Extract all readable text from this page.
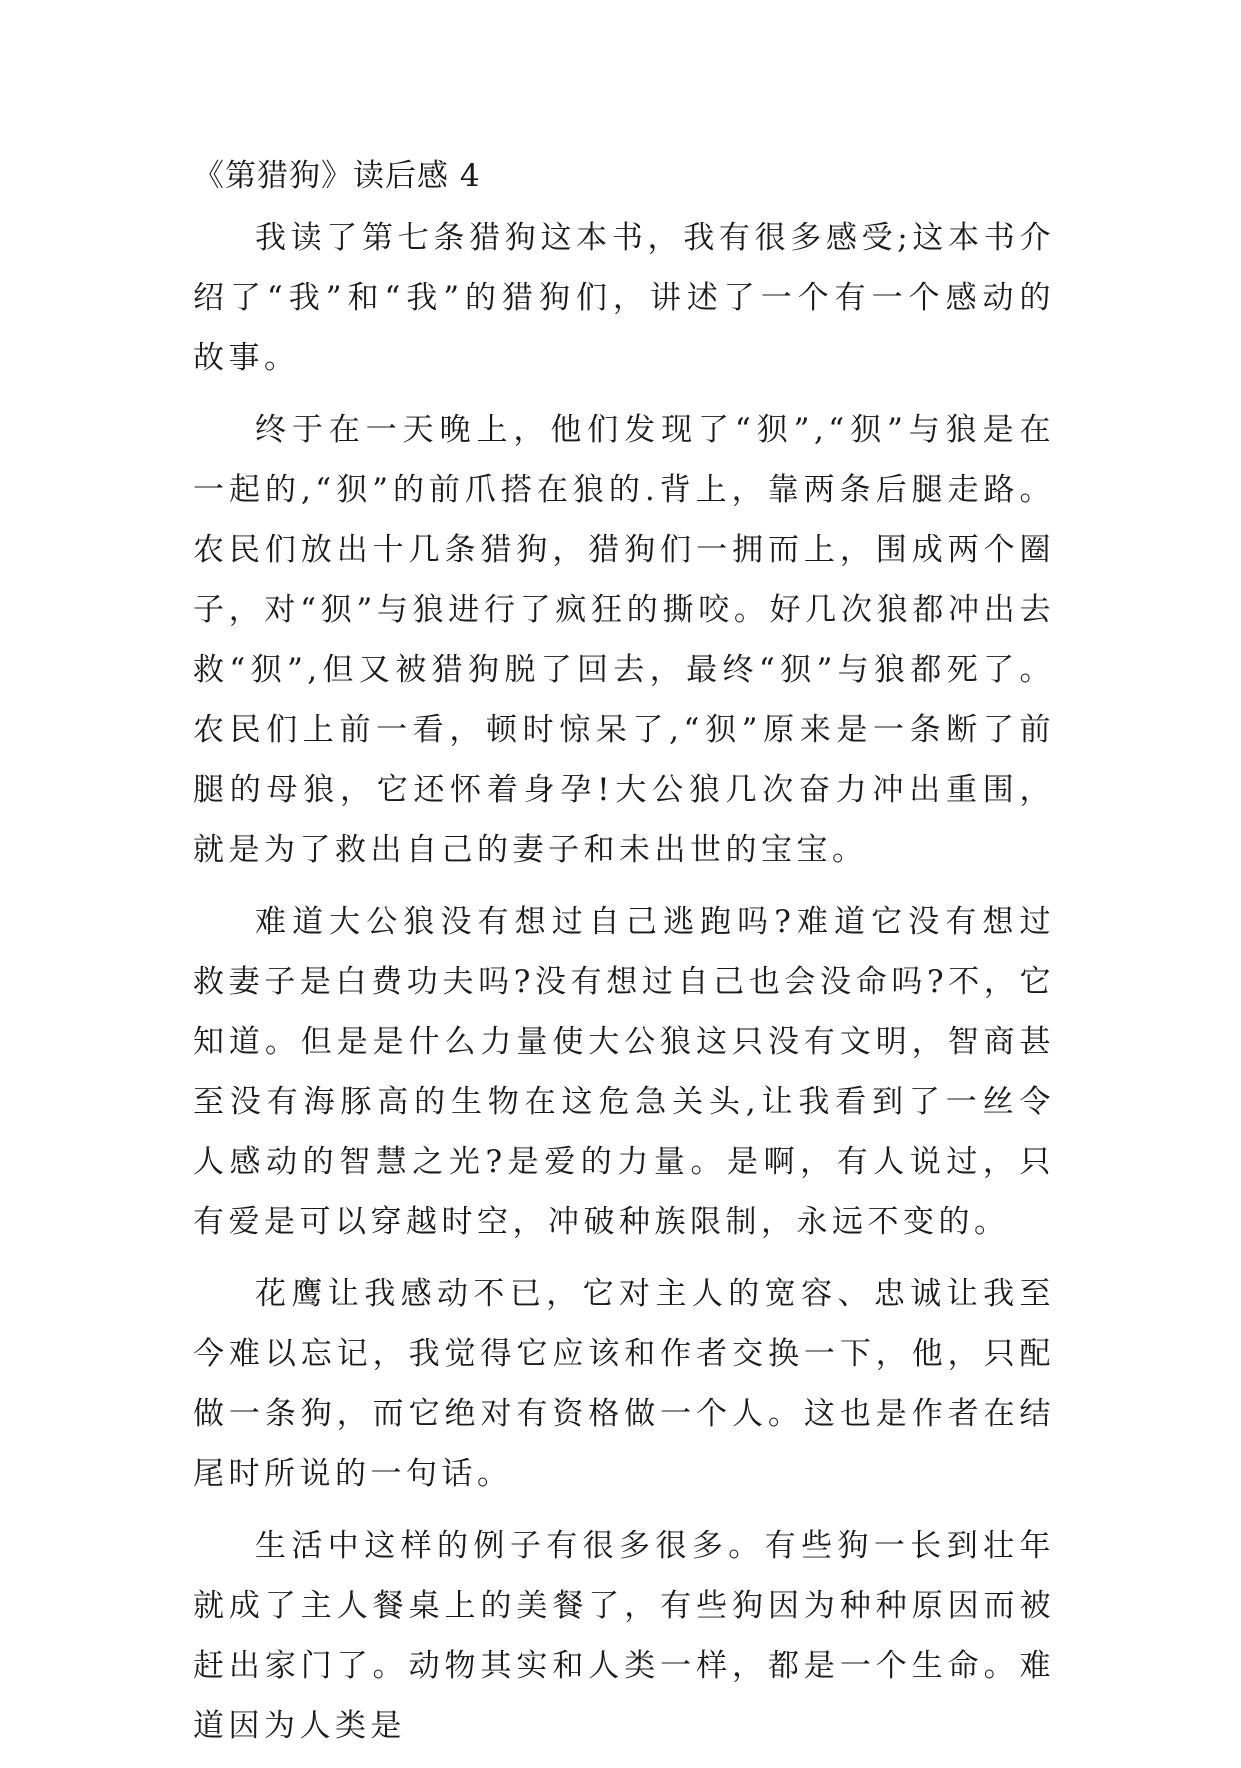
《第猎狗》读后感 4

我读了第七条猎狗这本书，我有很多感受;这本书介绍了“我”和“我”的猎狗们，讲述了一个有一个感动的故事。

终于在一天晚上，他们发现了“狈”,“狈”与狼是在一起的,“狈”的前爪搭在狼的.背上，靠两条后腿走路。农民们放出十几条猎狗，猎狗们一拥而上，围成两个圈子，对“狈”与狼进行了疯狂的撕咬。好几次狼都冲出去救“狈”,但又被猎狗脱了回去，最终“狈”与狼都死了。农民们上前一看，顿时惊呆了,“狈”原来是一条断了前腿的母狼，它还怀着身孕!大公狼几次奋力冲出重围，就是为了救出自己的妻子和未出世的宝宝。

难道大公狼没有想过自己逃跑吗?难道它没有想过救妻子是白费功夫吗?没有想过自己也会没命吗?不，它知道。但是是什么力量使大公狼这只没有文明，智商甚至没有海豚高的生物在这危急关头,让我看到了一丝令人感动的智慧之光?是爱的力量。是啊，有人说过，只有爱是可以穿越时空，冲破种族限制，永远不变的。

花鹰让我感动不已，它对主人的宽容、忠诚让我至今难以忘记，我觉得它应该和作者交换一下，他，只配做一条狗，而它绝对有资格做一个人。这也是作者在结尾时所说的一句话。

生活中这样的例子有很多很多。有些狗一长到壮年就成了主人餐桌上的美餐了，有些狗因为种种原因而被赶出家门了。动物其实和人类一样，都是一个生命。难道因为人类是
